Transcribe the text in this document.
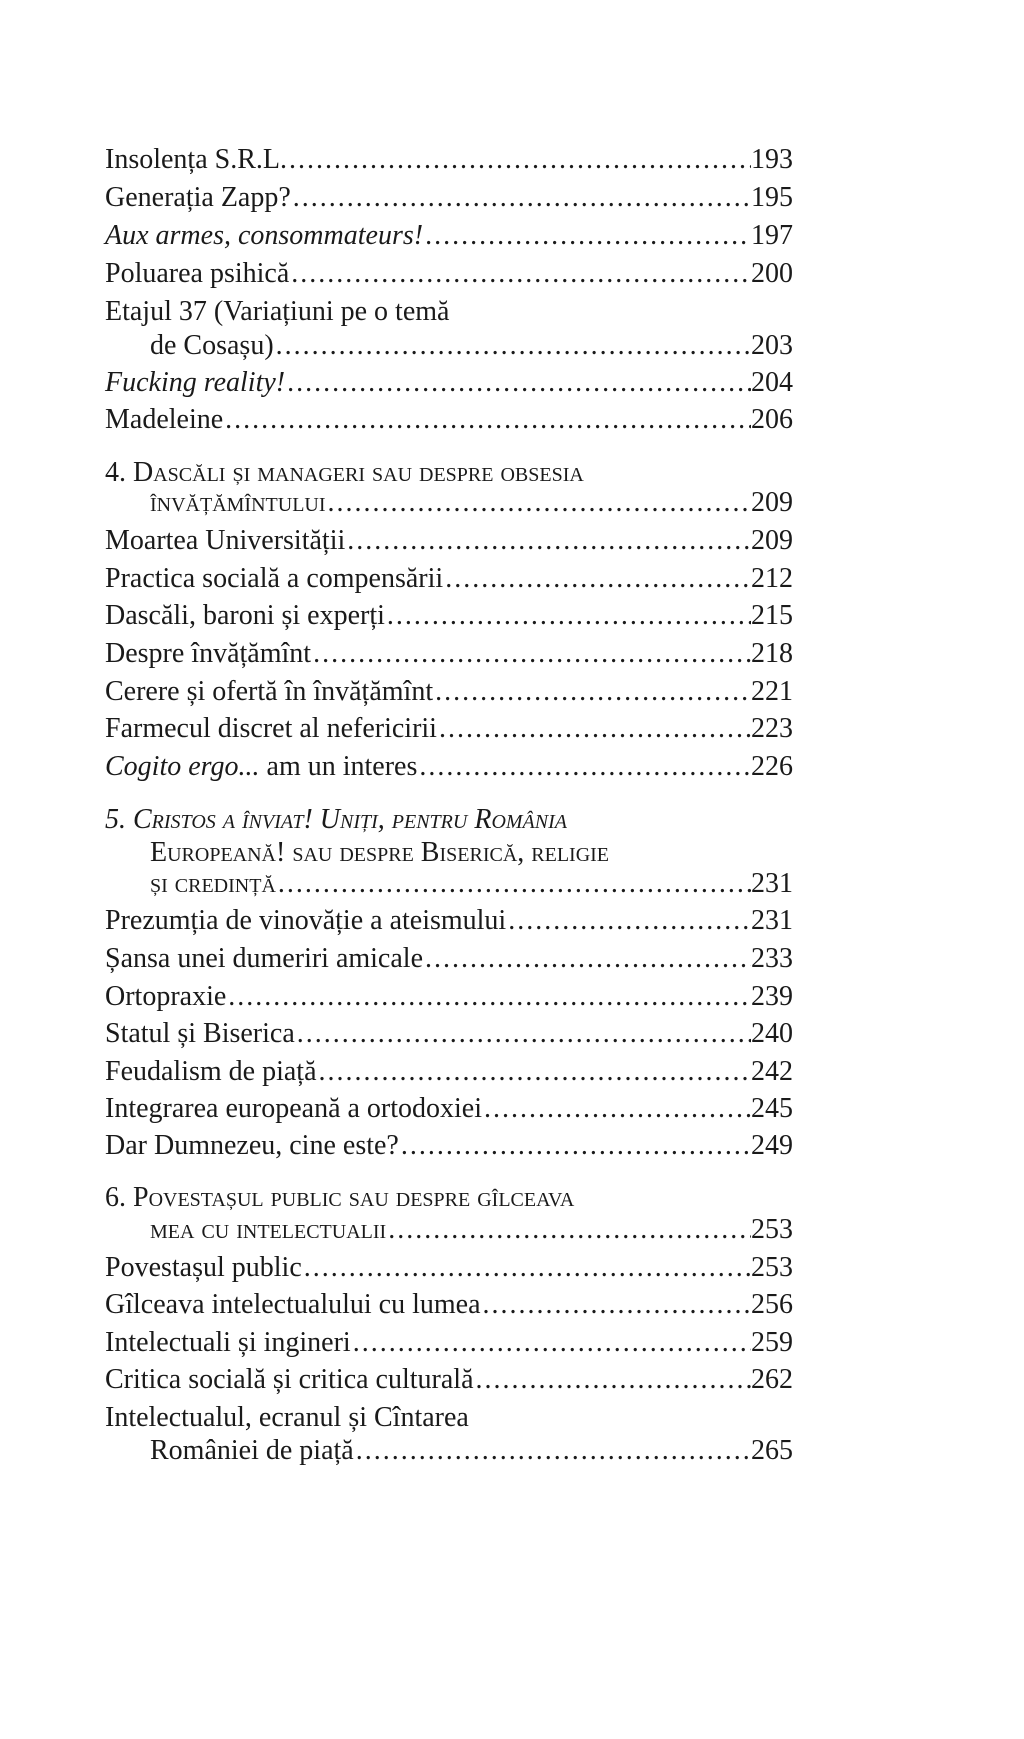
Insolența S.R.L. .....	193
Generația Zapp? .....	195
Aux armes, consommateurs! .....	197
Poluarea psihică .....	200
Etajul 37 (Variațiuni pe o temă
de Cosașu) .....	203
Fucking reality! .....	204
Madeleine .....	206
4. Dascăli și manageri sau despre obsesia
învățămîntului .....	209
Moartea Universității .....	209
Practica socială a compensării .....	212
Dascăli, baroni și experți .....	215
Despre învățămînt .....	218
Cerere și ofertă în învățămînt .....	221
Farmecul discret al nefericirii .....	223
Cogito ergo... am un interes .....	226
5. Cristos a înviat! Uniți, pentru România
Europeană! sau despre Biserică, religie
și credință .....	231
Prezumția de vinovăție a ateismului .....	231
Șansa unei dumeriri amicale .....	233
Ortopraxie .....	239
Statul și Biserica .....	240
Feudalism de piață .....	242
Integrarea europeană a ortodoxiei .....	245
Dar Dumnezeu, cine este? .....	249
6. Povestașul public sau despre gîlceava
mea cu intelectualii .....	253
Povestașul public .....	253
Gîlceava intelectualului cu lumea .....	256
Intelectuali și ingineri .....	259
Critica socială și critica culturală .....	262
Intelectualul, ecranul și Cîntarea
României de piață .....	265
